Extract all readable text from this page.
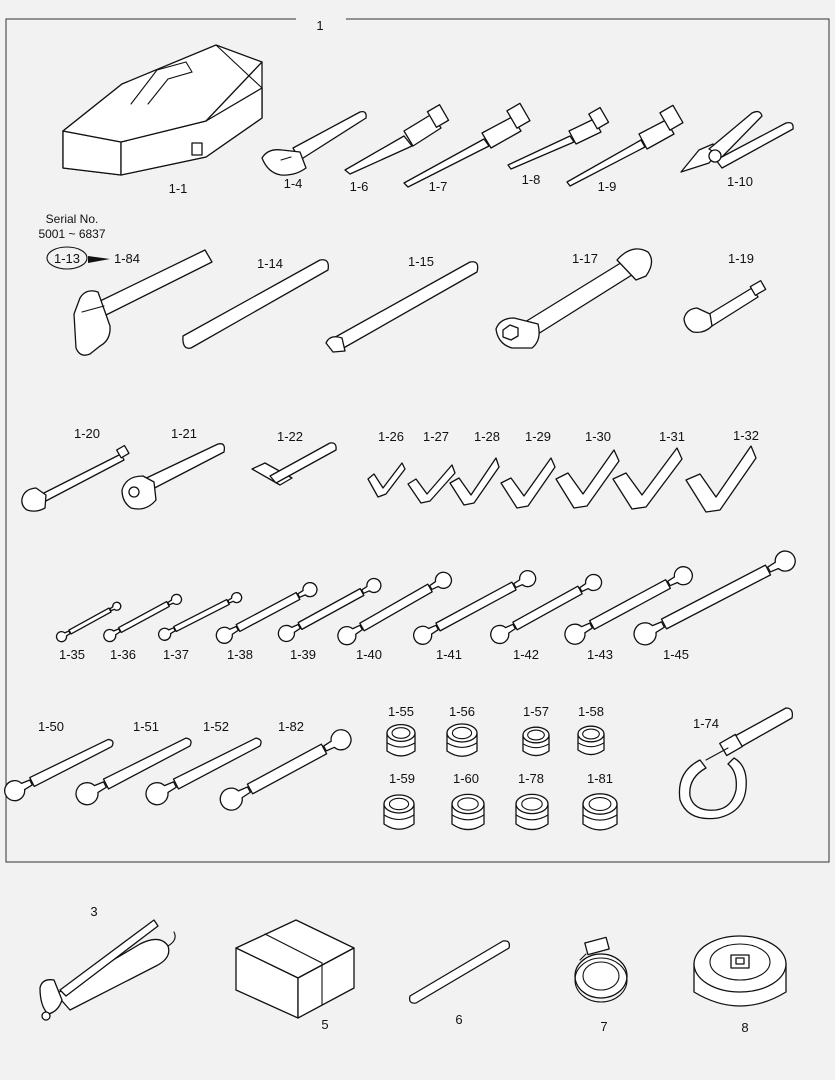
1
1-1	1-4	1-6	1-7	1-8	1-9	1-10
Serial No.
5001 ~ 6837
1-13	1-84	1-14	1-15	1-17	1-19
1-20	1-21	1-22	1-26 1-27 1-28 1-29	1-30	1-31	1-32
1-35 1-36 1-37	1-38	1-39	1-40	1-41	1-42	1-43	1-45
1-50	1-51	1-52	1-82
1-55	1-56	1-57 1-58
1-59	1-60	1-78	1-81
1-74
3
5	6	7	8
